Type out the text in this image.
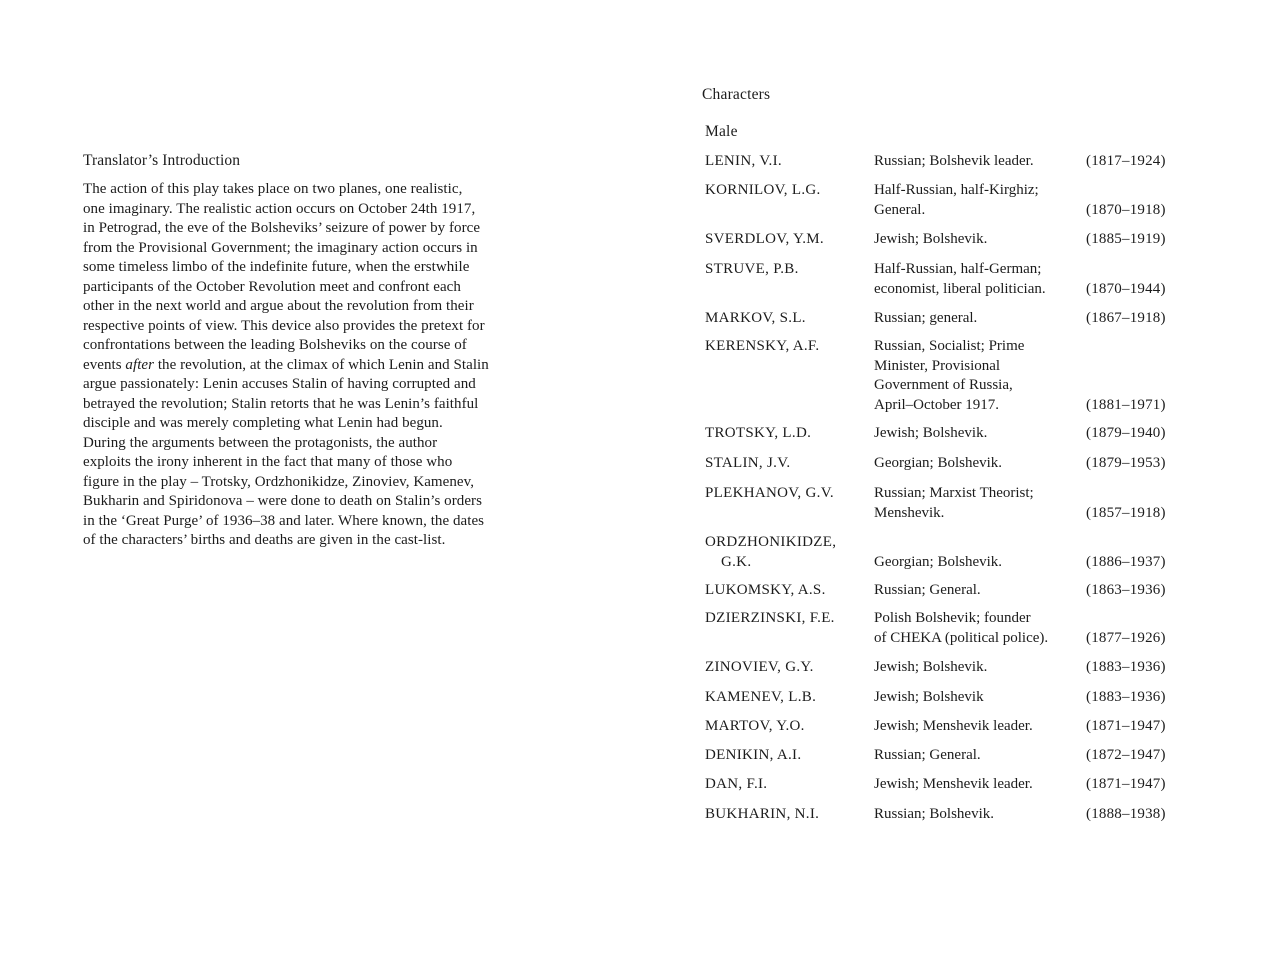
Translator’s Introduction
The action of this play takes place on two planes, one realistic,
one imaginary. The realistic action occurs on October 24th 1917,
in Petrograd, the eve of the Bolsheviks’ seizure of power by force
from the Provisional Government; the imaginary action occurs in
some timeless limbo of the indefinite future, when the erstwhile
participants of the October Revolution meet and confront each
other in the next world and argue about the revolution from their
respective points of view. This device also provides the pretext for
confrontations between the leading Bolsheviks on the course of
events after the revolution, at the climax of which Lenin and Stalin
argue passionately: Lenin accuses Stalin of having corrupted and
betrayed the revolution; Stalin retorts that he was Lenin’s faithful
disciple and was merely completing what Lenin had begun.
During the arguments between the protagonists, the author
exploits the irony inherent in the fact that many of those who
figure in the play – Trotsky, Ordzhonikidze, Zinoviev, Kamenev,
Bukharin and Spiridonova – were done to death on Stalin’s orders
in the ‘Great Purge’ of 1936–38 and later. Where known, the dates
of the characters’ births and deaths are given in the cast-list.
Characters
Male
LENIN, V.I.	Russian; Bolshevik leader.	(1817–1924)
KORNILOV, L.G.	Half-Russian, half-Kirghiz;
General.	(1870–1918)
SVERDLOV, Y.M.	Jewish; Bolshevik.	(1885–1919)
STRUVE, P.B.	Half-Russian, half-German;
economist, liberal politician.	(1870–1944)
MARKOV, S.L.	Russian; general.	(1867–1918)
KERENSKY, A.F.	Russian, Socialist; Prime
Minister, Provisional
Government of Russia,
April–October 1917.	(1881–1971)
TROTSKY, L.D.	Jewish; Bolshevik.	(1879–1940)
STALIN, J.V.	Georgian; Bolshevik.	(1879–1953)
PLEKHANOV, G.V.	Russian; Marxist Theorist;
Menshevik.	(1857–1918)
ORDZHONIKIDZE,
G.K.
	Georgian; Bolshevik.	(1886–1937)
LUKOMSKY, A.S.	Russian; General.	(1863–1936)
DZIERZINSKI, F.E.	Polish Bolshevik; founder
of CHEKA (political police).	(1877–1926)
ZINOVIEV, G.Y.	Jewish; Bolshevik.	(1883–1936)
KAMENEV, L.B.	Jewish; Bolshevik	(1883–1936)
MARTOV, Y.O.	Jewish; Menshevik leader.	(1871–1947)
DENIKIN, A.I.	Russian; General.	(1872–1947)
DAN, F.I.	Jewish; Menshevik leader.	(1871–1947)
BUKHARIN, N.I.	Russian; Bolshevik.	(1888–1938)
